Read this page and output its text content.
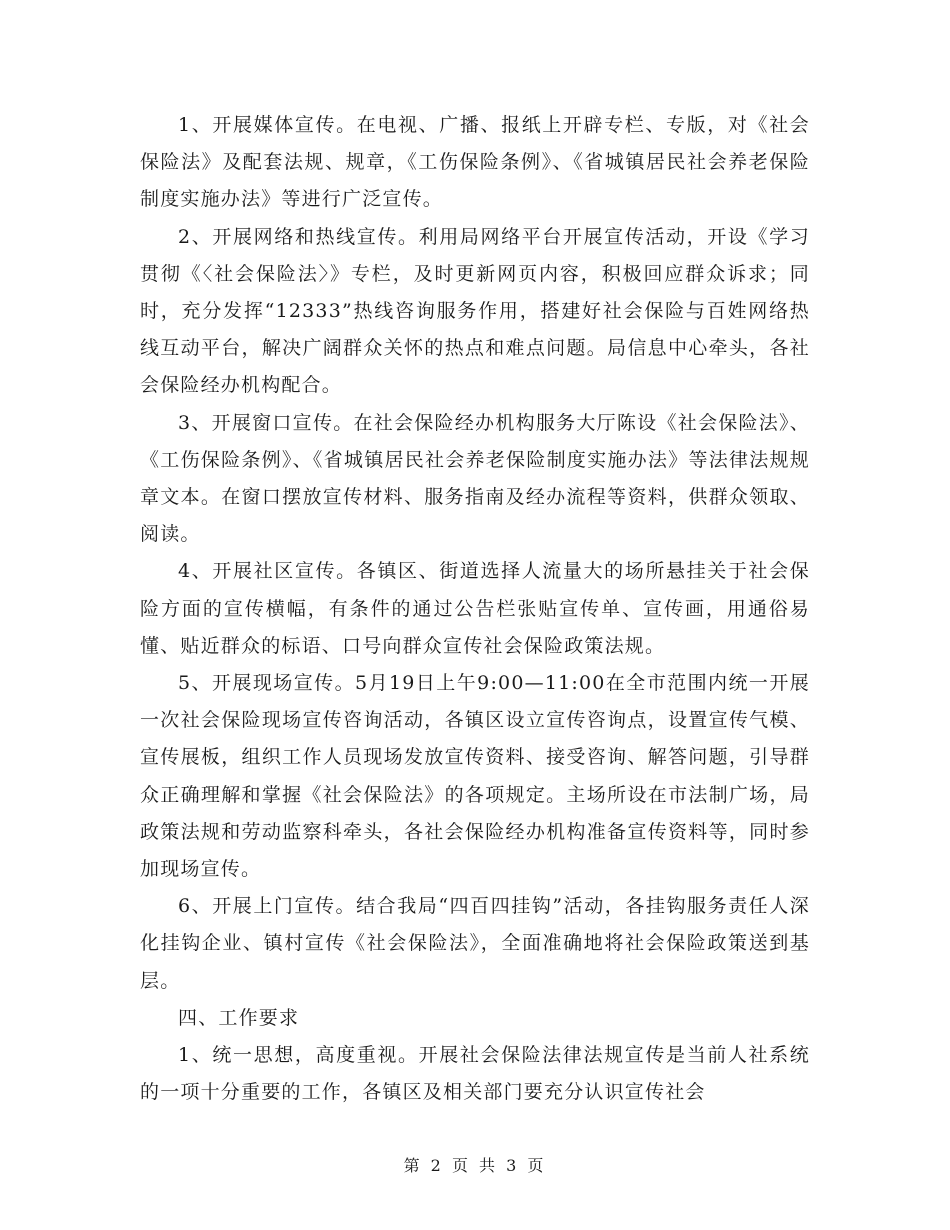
1、开展媒体宣传。在电视、广播、报纸上开辟专栏、专版，对《社会保险法》及配套法规、规章，《工伤保险条例》、《省城镇居民社会养老保险制度实施办法》等进行广泛宣传。

2、开展网络和热线宣传。利用局网络平台开展宣传活动，开设《学习贯彻《〈社会保险法〉》专栏，及时更新网页内容，积极回应群众诉求；同时，充分发挥“12333”热线咨询服务作用，搭建好社会保险与百姓网络热线互动平台，解决广阔群众关怀的热点和难点问题。局信息中心牵头，各社会保险经办机构配合。

3、开展窗口宣传。在社会保险经办机构服务大厅陈设《社会保险法》、《工伤保险条例》、《省城镇居民社会养老保险制度实施办法》等法律法规规章文本。在窗口摆放宣传材料、服务指南及经办流程等资料，供群众领取、阅读。

4、开展社区宣传。各镇区、街道选择人流量大的场所悬挂关于社会保险方面的宣传横幅，有条件的通过公告栏张贴宣传单、宣传画，用通俗易懂、贴近群众的标语、口号向群众宣传社会保险政策法规。

5、开展现场宣传。5月19日上午9:00—11:00在全市范围内统一开展一次社会保险现场宣传咨询活动，各镇区设立宣传咨询点，设置宣传气模、宣传展板，组织工作人员现场发放宣传资料、接受咨询、解答问题，引导群众正确理解和掌握《社会保险法》的各项规定。主场所设在市法制广场，局政策法规和劳动监察科牵头，各社会保险经办机构准备宣传资料等，同时参加现场宣传。

6、开展上门宣传。结合我局“四百四挂钩”活动，各挂钩服务责任人深化挂钩企业、镇村宣传《社会保险法》，全面准确地将社会保险政策送到基层。

四、工作要求

1、统一思想，高度重视。开展社会保险法律法规宣传是当前人社系统的一项十分重要的工作，各镇区及相关部门要充分认识宣传社会

第 2 页 共 3 页
